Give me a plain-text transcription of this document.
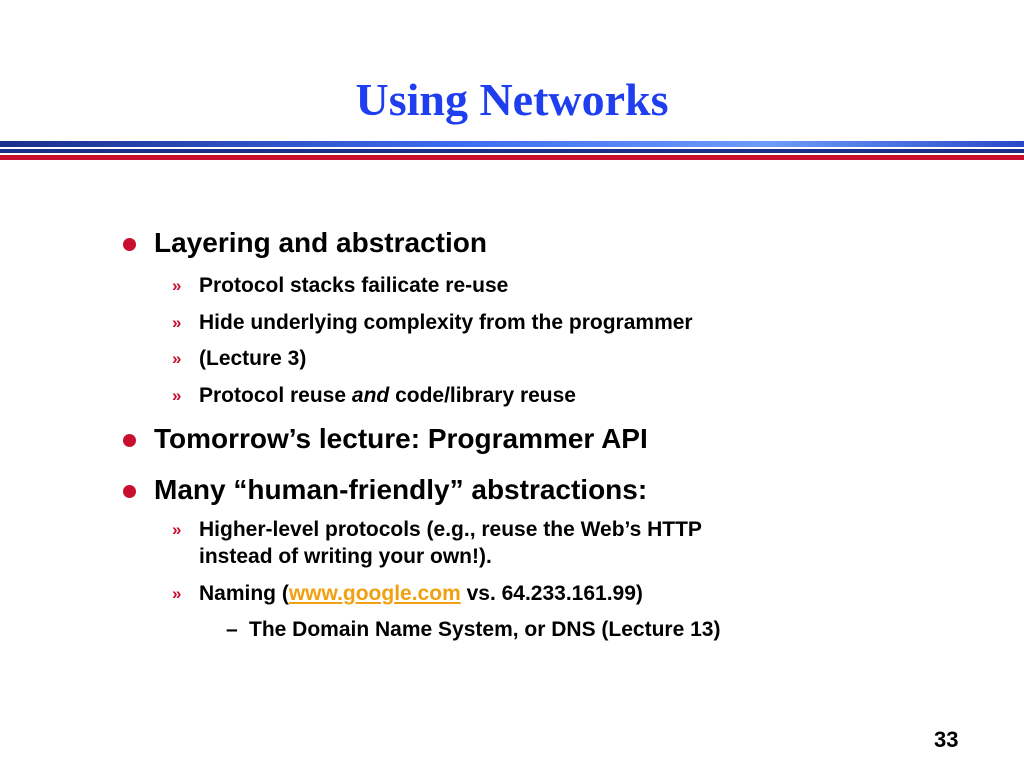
Using Networks
Layering and abstraction
» Protocol stacks failicate re-use
» Hide underlying complexity from the programmer
» (Lecture 3)
» Protocol reuse and code/library reuse
Tomorrow’s lecture: Programmer API
Many “human-friendly” abstractions:
» Higher-level protocols (e.g., reuse the Web’s HTTP
instead of writing your own!).
» Naming (www.google.com vs. 64.233.161.99)
– The Domain Name System, or DNS (Lecture 13)
33
